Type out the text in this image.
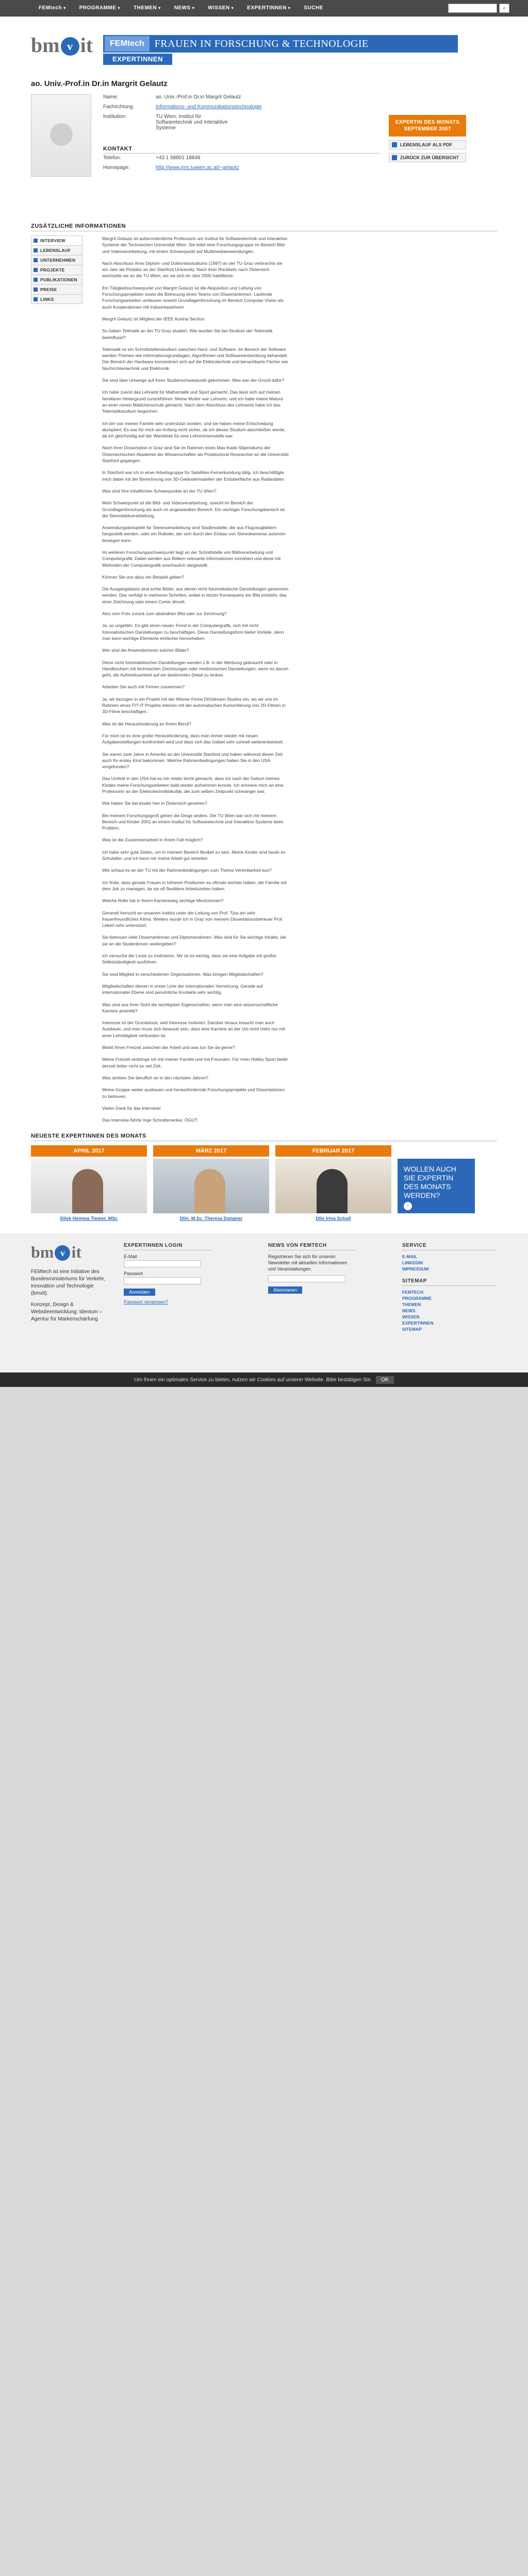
FEMtech ▾	PROGRAMME ▾	THEMEN ▾	NEWS ▾	WISSEN ▾	EXPERTINNEN ▾	SUCHE	⌕
bm v it	FEMtech	FRAUEN IN FORSCHUNG & TECHNOLOGIE
EXPERTINNEN
ao. Univ.-Prof.in Dr.in Margrit Gelautz
Name:	ao. Univ.-Prof.in Dr.in Margrit Gelautz
Fachrichtung	Informations- und Kommunikationstechnologie
Institution:	TU Wien, Institut für Softwaretechnik und Interaktive Systeme
KONTAKT
Telefon:	+43 1 58801 18849
Homepage:	http://www.ims.tuwien.ac.at/~gelautz
EXPERTIN DES MONATS SEPTEMBER 2007
LEBENSLAUF ALS PDF
ZURÜCK ZUR ÜBERSICHT
ZUSÄTZLICHE INFORMATIONEN
INTERVIEW
LEBENSLAUF
UNTERNEHMEN
PROJEKTE
PUBLIKATIONEN
PREISE
LINKS

Margrit Gelautz ist außerordentliche Professorin am Institut für Softwaretechnik und Interaktive Systeme der Technischen Universität Wien. Sie leitet eine Forschungsgruppe im Bereich Bild- und Videoverarbeitung, mit einem Schwerpunkt auf Multimediaanwendungen.

Nach Abschluss ihres Diplom- und Doktoratsstudiums (1997) an der TU Graz verbrachte sie ein Jahr als Postdoc an der Stanford University. Nach ihrer Rückkehr nach Österreich wechselte sie an die TU Wien, wo sie sich im Jahr 2005 habilitierte.

Ein Tätigkeitsschwerpunkt von Margrit Gelautz ist die Akquisition und Leitung von Forschungsprojekten sowie die Betreuung eines Teams von Dissertantinnen. Laufende Forschungsarbeiten umfassen sowohl Grundlagenforschung im Bereich Computer Vision als auch Kooperationen mit Industriepartnern.

Margrit Gelautz ist Mitglied der IEEE Austria Section.

So haben Teilmatik an der TU Graz studiert. Wie wurden Sie bei Studium der Telematik beeinflusst?

Telematik ist ein Schnittstellenstudium zwischen Hard- und Software. Im Bereich der Software werden Themen wie Informationsgrundlagen, Algorithmen und Softwareentwicklung behandelt. Der Bereich der Hardware konzentriert sich auf die Elektrotechnik und benachbarte Fächer wie Nachrichtentechnik und Elektronik.

Sie sind über Umwege auf Ihren Studienschwerpunkt gekommen. Was war der Grund dafür?

Ich habe zuerst das Lehramt für Mathematik und Sport gemacht. Das lässt sich auf meinen familiären Hintergrund zurückführen. Meine Mutter war Lehrerin, und ich habe meine Matura an einer reinen Mädchenschule gemacht. Nach dem Abschluss des Lehramts habe ich das Telematikstudium begonnen.

Ich bin von meiner Familie sehr unterstützt worden, und sie haben meine Entscheidung akzeptiert. Es war für mich am Anfang nicht sicher, ob ich dieses Studium abschließen werde, da ich gleichzeitig auf der Warteliste für eine Lehrerinnenstelle war.

Nach Ihrer Dissertation in Graz sind Sie im Rahmen eines Max-Kade-Stipendiums der Österreichischen Akademie der Wissenschaften als Postdoctoral Researcher an die Universität Stanford gegangen.

In Stanford war ich in einer Arbeitsgruppe für Satelliten-Fernerkundung tätig. Ich beschäftigte mich dabei mit der Berechnung von 3D-Geländemodellen der Erdoberfläche aus Radardaten.

Was sind Ihre inhaltlichen Schwerpunkte an der TU Wien?

Mein Schwerpunkt ist die Bild- und Videoverarbeitung, sowohl im Bereich der Grundlagenforschung als auch im angewandten Bereich. Ein wichtiger Forschungsbereich ist die Stereobildverarbeitung.

Anwendungsbeispiele für Stereoverarbeitung sind Stadtmodelle, die aus Flugzeugbildern hergestellt werden, oder ein Roboter, der sich durch den Einbau von Stereokameras autonom bewegen kann.

Im weiteren Forschungsschwerpunkt liegt an der Schnittstelle von Bildverarbeitung und Computergrafik. Dabei werden aus Bildern relevante Informationen extrahiert und diese mit Methoden der Computergrafik anschaulich dargestellt.

Können Sie uns dazu ein Beispiel geben?

Die Ausgangsbasis sind echte Bilder, aus denen nicht fotorealistische Darstellungen gewonnen werden. Das verfolgt in mehreren Schritten, wobei in letzter Konsequenz ein Bild entsteht, das einer Zeichnung oder einem Comic ähnelt.

Also vom Foto zurück zum abstrakten Bild oder zur Zeichnung?

Ja, so ungefähr. Es gibt einen neuen Trend in der Computergrafik, sich mit nicht fotorealistischen Darstellungen zu beschäftigen. Diese Darstellungsform bietet Vorteile, denn man kann wichtige Elemente einfacher hervorheben.

Wer sind die Anwenderinnen solcher Bilder?

Diese nicht fotorealistischen Darstellungen werden z.B. in der Werbung gebraucht oder in Handbüchern mit technischen Zeichnungen oder medizinischen Darstellungen, wenn es darum geht, die Aufmerksamkeit auf ein bestimmtes Detail zu lenken.

Arbeiten Sie auch mit Firmen zusammen?

Ja, wir bezogen in ein Projekt mit der Wiener Firma DIGIdream Studios ein, wo wir uns im Rahmen eines FIT-IT Projekts intensiv mit der automatischen Konvertierung von 2D-Filmen in 3D-Filme beschäftigen.

Was ist die Herausforderung an Ihrem Beruf?

Für mich ist es eine große Herausforderung, dass man immer wieder mit neuen Aufgabenstellungen konfrontiert wird und dass sich das Gebiet sehr schnell weiterentwickelt.

Sie waren zwei Jahre in Amerika an der Universität Stanford und haben während dieser Zeit auch Ihr erstes Kind bekommen. Welche Rahmenbedingungen haben Sie in den USA vorgefunden?

Das Umfeld in den USA hat es mir relativ leicht gemacht, dass ich nach der Geburt meines Kindes meine Forschungsarbeiten bald wieder aufnehmen konnte. Ich erinnere mich an eine Professorin an der Elektrotechnikfakultät, die zum selben Zeitpunkt schwanger war.

Wie haben Sie bei kinder hier in Österreich gesehen?

Bei meinem Forschungsgroß gehen die Dinge anders. Die TU Wien war sich mit meinem Bereich und Kinder 2001 an einem Institut für Softwaretechnik und Interaktive Systeme beim Problem.

Was ist die Zusammenarbeit in Ihrem Fall möglich?

Ich habe sehr gute Zeiten, um in meinem Bereich flexibel zu sein. Meine Kinder sind heute im Schulalter, und ich kann mir meine Arbeit gut einteilen.

Wie schaut es an der TU mit der Rahmenbedingungen zum Thema Vereinbarkeit aus?

Ich finde, dass gerade Frauen in höheren Positionen es oftmals leichter haben, die Familie mit dem Job zu managen, da sie oft flexiblere Arbeitszeiten haben.

Welche Rolle hat in Ihrem Karriereweg wichtige Mentorinnen?

Generell herrscht an unserem Institut unter der Leitung von Prof. Tjoa ein sehr frauenfreundliches Klima. Weiters wurde ich in Graz von meinem Dissertationsbetreuer Prof. Leberl sehr unterstützt.

Sie betreuen viele Dissertantinnen und Diplomandinnen. Was sind für Sie wichtige Inhalte, die sie an die Studentinnen weitergeben?

Ich versuche die Leute zu motivieren. Mir ist es wichtig, dass sie eine Aufgabe mit großer Selbstständigkeit ausführen.

Sie sind Mitglied in verschiedenen Organisationen. Was bringen Mitgliedschaften?

Mitgliedschaften dienen in erster Linie der internationalen Vernetzung. Gerade auf internationaler Ebene sind persönliche Kontakte sehr wichtig.

Was sind aus Ihrer Sicht die wichtigsten Eigenschaften, wenn man eine wissenschaftliche Karriere anstrebt?

Interesse ist der Grundstock, weil Interesse motiviert. Darüber hinaus braucht man auch Ausdauer, und man muss sich bewusst sein, dass eine Karriere an der Uni nicht mehr nur mit einer Lehrtätigkeit verbunden ist.

Bleibt Ihnen Freizeit zwischen der Arbeit und was tun Sie da gerne?

Meine Freizeit verbringe ich mit meiner Familie und mit Freunden. Für mein Hobby Sport bleibt derzeit leider nicht so viel Zeit.

Was streben Sie beruflich an in den nächsten Jahren?

Meine Gruppe weiter ausbauen und herausfordernde Forschungsprojekte und Dissertationen zu betreuen.

Vielen Dank für das Interview!

Das Interview führte Inge Schrattenecker, ÖGUT.

NEUESTE EXPERTINNEN DES MONATS
APRIL 2017
Dilek Hemma Tiemer, MSc
MÄRZ 2017
DIin. M.Sc. Theresa Dangner
FEBRUAR 2017
DIin Irina Scholl
WOLLEN AUCH SIE EXPERTIN DES MONATS WERDEN?
›
bm v it
FEMtech ist eine Initiative des Bundesministeriums für Verkehr, Innovation und Technologie (bmvit).
Konzept, Design & Websiteentwicklung: Identum – Agentur für Markenschärfung
EXPERTINNEN LOGIN
E-Mail
Passwort
Anmelden
Passwort vergessen?
NEWS VON FEMTECH
Registrieren Sie sich für unseren Newsletter mit aktuellen Informationen und Veranstaltungen.
Abonnieren
SERVICE
E-MAIL
LINKEDIN
IMPRESSUM
SITEMAP
FEMTECH
PROGRAMME
THEMEN
NEWS
WISSEN
EXPERTINNEN
SITEMAP
Um Ihnen ein optimales Service zu bieten, nutzen wir Cookies auf unserer Website. Bitte bestätigen Sie.	OK
